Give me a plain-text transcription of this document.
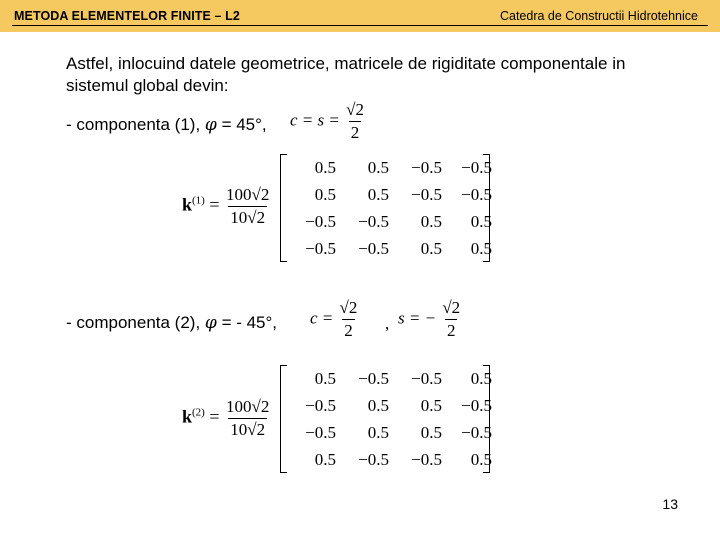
METODA ELEMENTELOR FINITE – L2	Catedra de Constructii Hidrotehnice
Astfel, inlocuind datele geometrice, matricele de rigiditate componentale in sistemul global devin:
- componenta (1), φ = 45°, $c = s = \frac{√2}{2}$
$k^{(1)} = \frac{100√2}{10√2}$
0.5	0.5	−0.5	−0.5
0.5	0.5	−0.5	−0.5
−0.5	−0.5	0.5	0.5
−0.5	−0.5	0.5	0.5
- componenta (2), φ = - 45°, $c = \frac{√2}{2}$ , s = − $\frac{√2}{2}$
$k^{(2)} = \frac{100√2}{10√2}$
0.5	−0.5	−0.5	0.5
−0.5	0.5	0.5	−0.5
−0.5	0.5	0.5	−0.5
0.5	−0.5	−0.5	0.5
13
